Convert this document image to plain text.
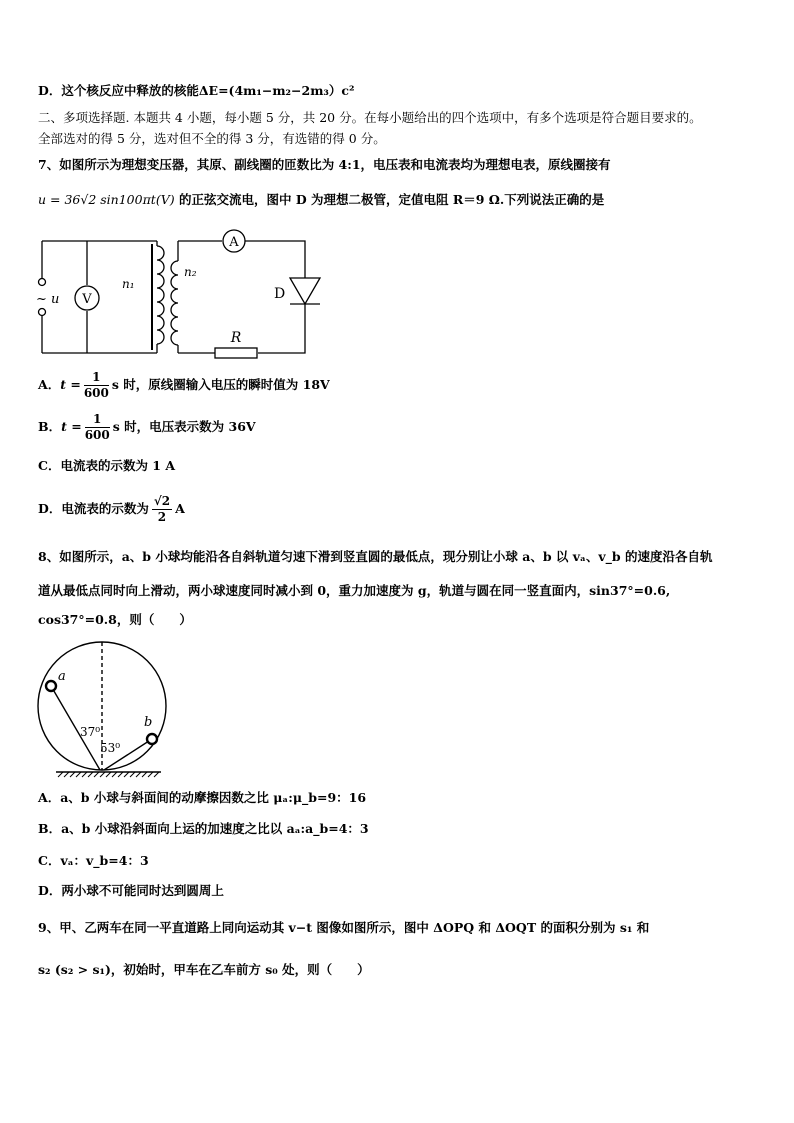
D．这个核反应中释放的核能ΔE=(4m₁−m₂−2m₃）c²
二、多项选择题. 本题共 4 小题，每小题 5 分，共 20 分。在每小题给出的四个选项中，有多个选项是符合题目要求的。
全部选对的得 5 分，选对但不全的得 3 分，有选错的得 0 分。
7、如图所示为理想变压器，其原、副线圈的匝数比为 4:1，电压表和电流表均为理想电表，原线圈接有
u = 36√2 sin100πt(V) 的正弦交流电，图中 D 为理想二极管，定值电阻 R＝9 Ω.下列说法正确的是
A
V
~ u
n₁
n₂
D
R
A．$t = \frac{1}{600}$ s 时，原线圈输入电压的瞬时值为 18V
B．$t = \frac{1}{600}$ s 时，电压表示数为 36V
C．电流表的示数为 1 A
D．电流表的示数为 $\frac{√2}{2}$ A
8、如图所示，a、b 小球均能沿各自斜轨道匀速下滑到竖直圆的最低点，现分别让小球 a、b 以 vₐ、v_b 的速度沿各自轨
道从最低点同时向上滑动，两小球速度同时减小到 0，重力加速度为 g，轨道与圆在同一竖直面内，sin37°=0.6,
cos37°=0.8，则（　　）
a
b
37⁰
53⁰
A．a、b 小球与斜面间的动摩擦因数之比 μₐ:μ_b=9：16
B．a、b 小球沿斜面向上运的加速度之比以 aₐ:a_b=4：3
C．vₐ：v_b=4：3
D．两小球不可能同时达到圆周上
9、甲、乙两车在同一平直道路上同向运动其 v−t 图像如图所示，图中 ΔOPQ 和 ΔOQT 的面积分别为 s₁ 和
s₂ (s₂ > s₁)，初始时，甲车在乙车前方 s₀ 处，则（　　）
